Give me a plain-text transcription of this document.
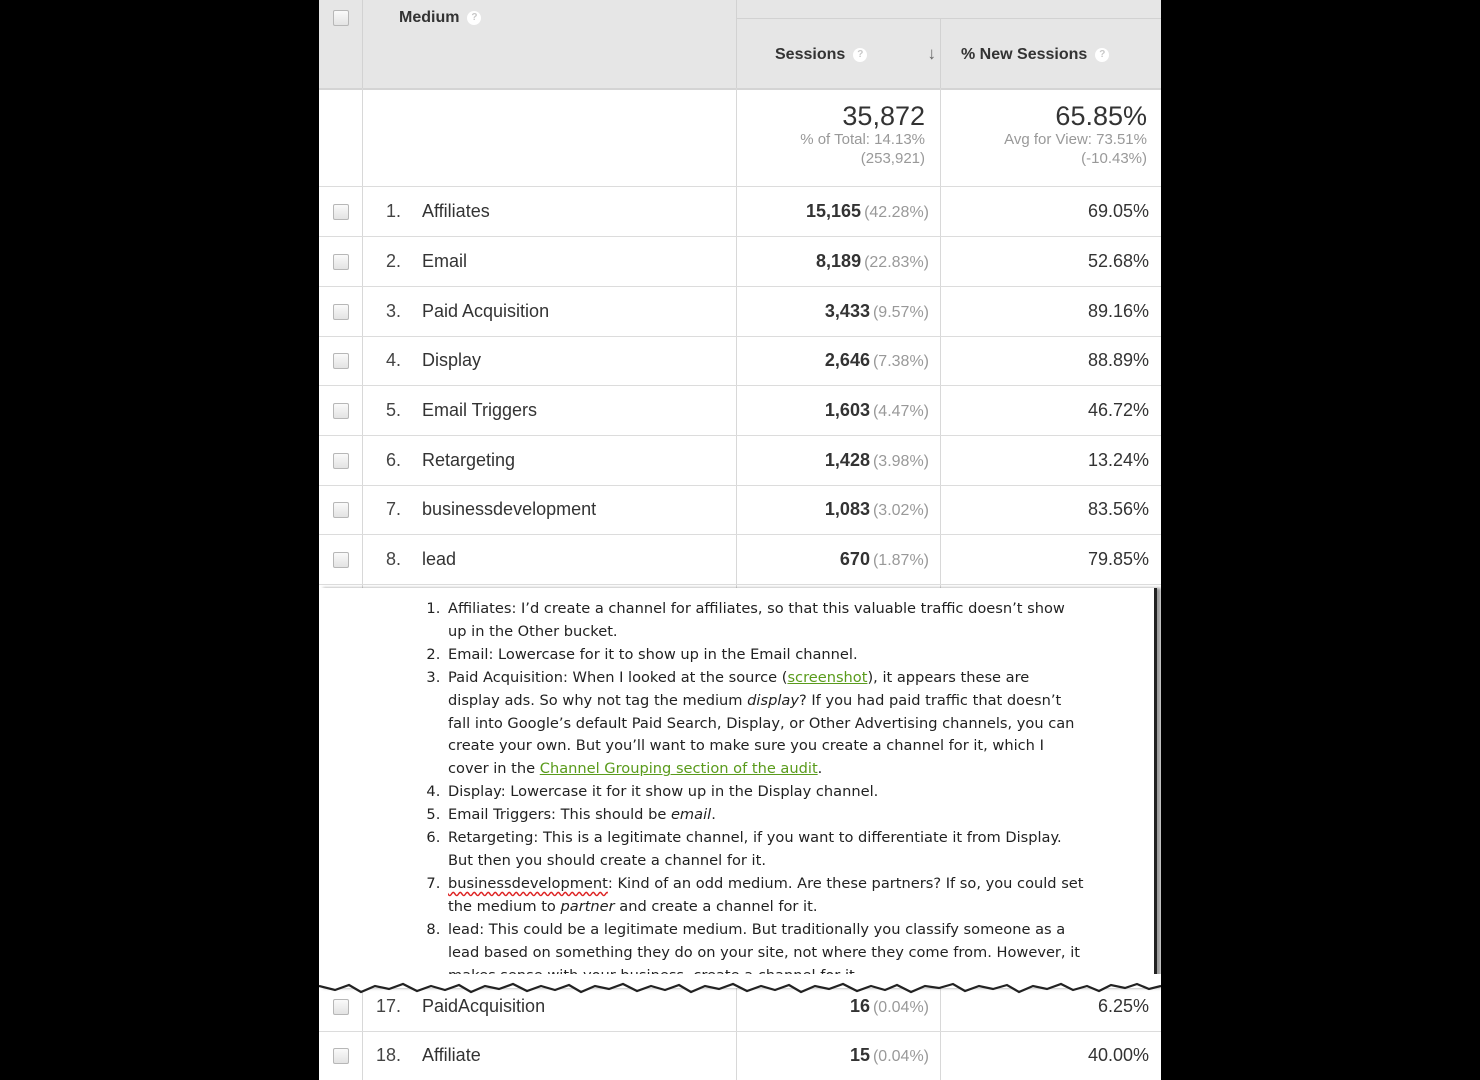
Medium ?
Sessions ?	↓ % New Sessions ?
35,872
% of Total: 14.13%
(253,921)
65.85%
Avg for View: 73.51%
(-10.43%)
1. Affiliates	15,165 (42.28%)	69.05%
2. Email	8,189 (22.83%)	52.68%
3. Paid Acquisition	3,433 (9.57%)	89.16%
4. Display	2,646 (7.38%)	88.89%
5. Email Triggers	1,603 (4.47%)	46.72%
6. Retargeting	1,428 (3.98%)	13.24%
7. businessdevelopment	1,083 (3.02%)	83.56%
8. lead	670 (1.87%)	79.85%
17. PaidAcquisition	16 (0.04%)	6.25%
18. Affiliate	15 (0.04%)	40.00%
1. Affiliates: I’d create a channel for affiliates, so that this valuable traffic doesn’t show up in the Other bucket.
2. Email: Lowercase for it to show up in the Email channel.
3. Paid Acquisition: When I looked at the source (screenshot), it appears these are display ads. So why not tag the medium display? If you had paid traffic that doesn’t fall into Google’s default Paid Search, Display, or Other Advertising channels, you can create your own. But you’ll want to make sure you create a channel for it, which I cover in the Channel Grouping section of the audit.
4. Display: Lowercase it for it show up in the Display channel.
5. Email Triggers: This should be email.
6. Retargeting: This is a legitimate channel, if you want to differentiate it from Display. But then you should create a channel for it.
7. businessdevelopment: Kind of an odd medium. Are these partners? If so, you could set the medium to partner and create a channel for it.
8. lead: This could be a legitimate medium. But traditionally you classify someone as a lead based on something they do on your site, not where they come from. However, it
